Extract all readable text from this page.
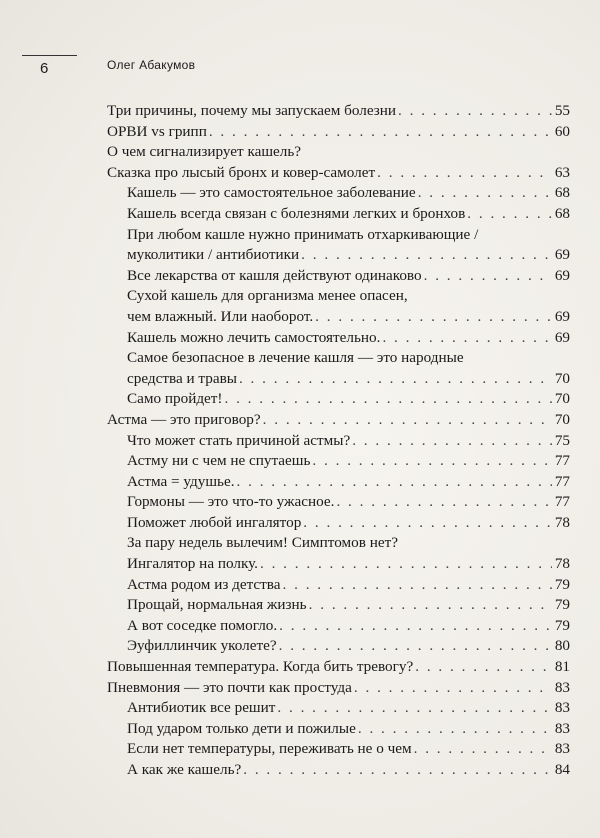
6	Олег Абакумов
Три причины, почему мы запускаем болезни . . .	55
ОРВИ vs грипп . . .	60
О чем сигнализирует кашель?
Сказка про лысый бронх и ковер-самолет . . .	63
Кашель — это самостоятельное заболевание . . .	68
Кашель всегда связан с болезнями легких и бронхов . . .	68
При любом кашле нужно принимать отхаркивающие /
муколитики / антибиотики . . .	69
Все лекарства от кашля действуют одинаково . . .	69
Сухой кашель для организма менее опасен,
чем влажный. Или наоборот. . . .	69
Кашель можно лечить самостоятельно. . . .	69
Самое безопасное в лечение кашля — это народные
средства и травы . . .	70
Само пройдет! . . .	70
Астма — это приговор? . . .	70
Что может стать причиной астмы? . . .	75
Астму ни с чем не спутаешь . . .	77
Астма = удушье. . . .	77
Гормоны — это что-то ужасное. . . .	77
Поможет любой ингалятор . . .	78
За пару недель вылечим! Симптомов нет?
Ингалятор на полку. . . .	78
Астма родом из детства . . .	79
Прощай, нормальная жизнь . . .	79
А вот соседке помогло. . . .	79
Эуфиллинчик уколете? . . .	80
Повышенная температура. Когда бить тревогу? . . .	81
Пневмония — это почти как простуда . . .	83
Антибиотик все решит . . .	83
Под ударом только дети и пожилые . . .	83
Если нет температуры, переживать не о чем . . .	83
А как же кашель? . . .	84
